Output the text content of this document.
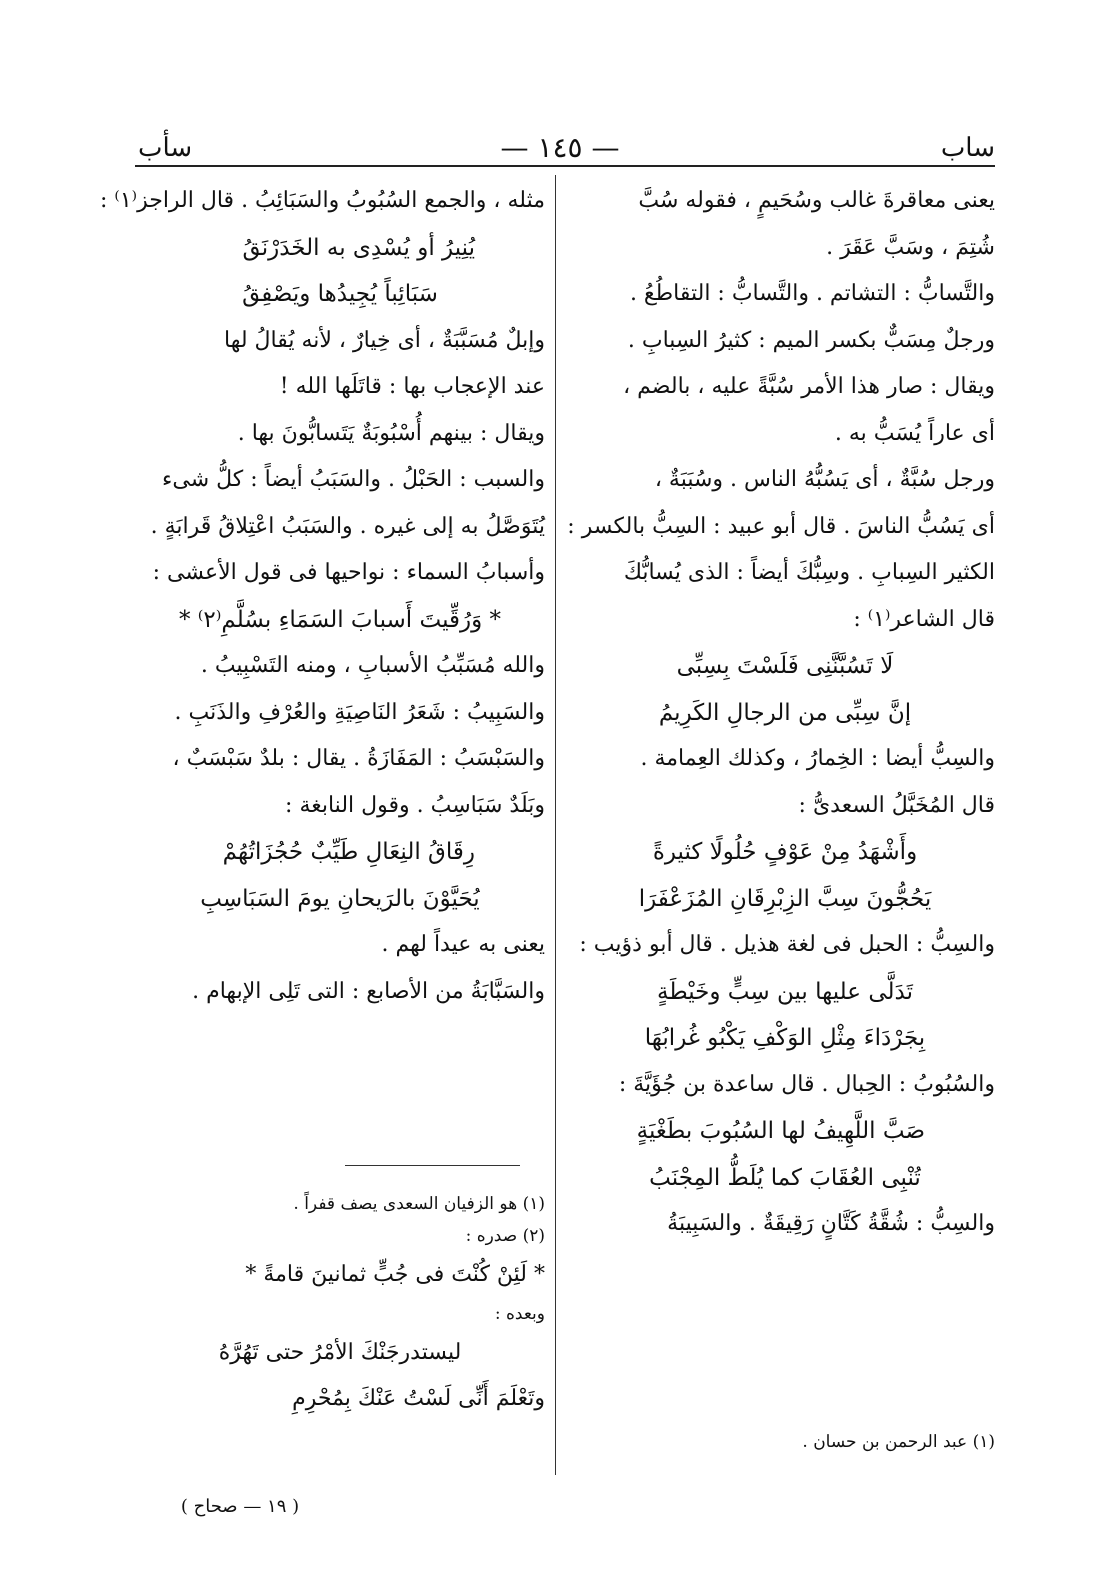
ساب
— ١٤٥ —
سأب
يعنى معاقرةَ غالب وسُحَيمٍ ، فقوله سُبَّ
شُتِمَ ، وسَبَّ عَقَرَ .
والتَّسابُّ : التشاتم . والتَّسابُّ : التقاطُعُ .
ورجلٌ مِسَبٌّ بكسر الميم : كثيرُ السِبابِ .
ويقال : صار هذا الأمر سُبَّةً عليه ، بالضم ،
أى عاراً يُسَبُّ به .
ورجل سُبَّةٌ ، أى يَسُبُّهُ الناس . وسُبَبَةٌ ،
أى يَسُبُّ الناسَ . قال أبو عبيد : السِبُّ بالكسر :
الكثير السِبابِ . وسِبُّكَ أيضاً : الذى يُسابُّكَ
قال الشاعر⁽١⁾ :
لَا تَسُبَّنَّنِى فَلَسْتَ بِسِبِّى
إنَّ سِبِّى من الرجالِ الكَرِيمُ
والسِبُّ أيضا : الخِمارُ ، وكذلك العِمامة .
قال المُخَبَّلُ السعدىُّ :
وأَشْهَدُ مِنْ عَوْفٍ حُلُولًا كثيرةً
يَحُجُّونَ سِبَّ الزِبْرِقَانِ المُزَعْفَرَا
والسِبُّ : الحبل فى لغة هذيل . قال أبو ذؤيب :
تَدَلَّى عليها بين سِبٍّ وخَيْطَةٍ
بِجَرْدَاءَ مِثْلِ الوَكْفِ يَكْبُو غُرابُهَا
والسُبُوبُ : الحِبال . قال ساعدة بن جُؤَيَّةَ :
صَبَّ اللَّهِيفُ لها السُبُوبَ بطَغْيَةٍ
تُنْبِى العُقَابَ كما يُلَطُّ المِجْنَبُ
والسِبُّ : شُقَّةُ كَتَّانٍ رَقِيقَةٌ . والسَبِيبَةُ
مثله ، والجمع السُبُوبُ والسَبَائِبُ . قال الراجز⁽١⁾ :
يُنِيرُ أو يُسْدِى به الخَدَرْنَقُ
سَبَائِباً يُجِيدُها ويَصْفِقُ
وإبلٌ مُسَبَّبَةٌ ، أى خِيارٌ ، لأنه يُقالُ لها
عند الإعجاب بها : قاتَلَها الله !
ويقال : بينهم أُسْبُوبَةٌ يَتَسابُّونَ بها .
والسبب : الحَبْلُ . والسَبَبُ أيضاً : كلُّ شىء
يُتَوَصَّلُ به إلى غيره . والسَبَبُ اعْتِلاقُ قَرابَةٍ .
وأسبابُ السماء : نواحيها فى قول الأعشى :
* وَرُقِّيتَ أَسبابَ السَمَاءِ بسُلَّمِ⁽٢⁾ *
والله مُسَبِّبُ الأسبابِ ، ومنه التَسْبِيبُ .
والسَبِيبُ : شَعَرُ النَاصِيَةِ والعُرْفِ والذَنَبِ .
والسَبْسَبُ : المَفَازَةُ . يقال : بلدٌ سَبْسَبٌ ،
وبَلَدٌ سَبَاسِبُ . وقول النابغة :
رِقَاقُ النِعَالِ طَيِّبٌ حُجُزَاتُهُمْ
يُحَيَّوْنَ بالرَيحانِ يومَ السَبَاسِبِ
يعنى به عيداً لهم .
والسَبَّابَةُ من الأصابع : التى تَلِى الإبهام .
(١) هو الزفيان السعدى يصف قفراً .
(٢) صدره :
* لَئِنْ كُنْتَ فى جُبٍّ ثمانينَ قامةً *
وبعده :
ليستدرجَنْكَ الأمْرُ حتى تَهُرَّهُ
وتَعْلَمَ أَنِّى لَسْتُ عَنْكَ بِمُحْرِمِ
(١) عبد الرحمن بن حسان .
( ١٩ — صحاح )
